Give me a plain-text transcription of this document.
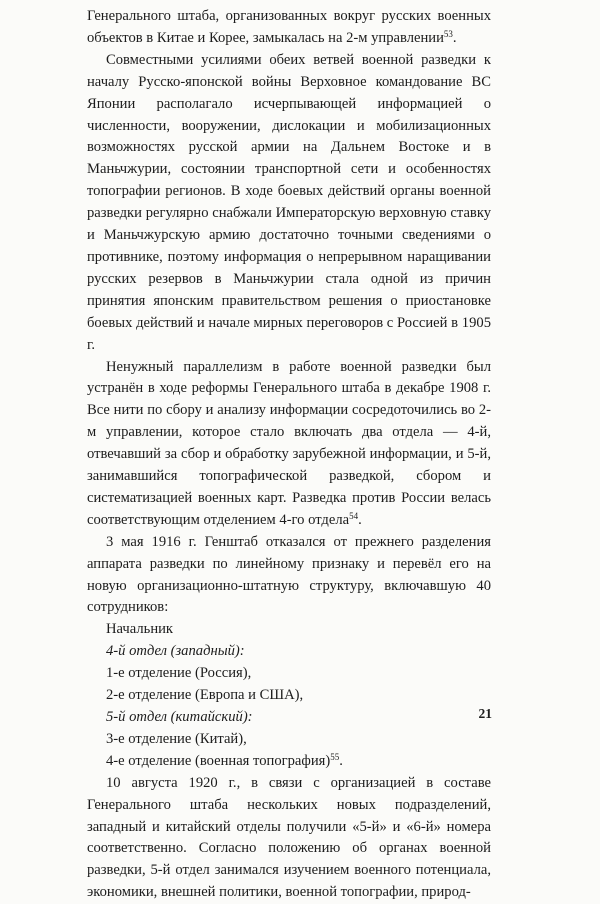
Генерального штаба, организованных вокруг русских военных объектов в Китае и Корее, замыкалась на 2-м управлении$^{53}$.

Совместными усилиями обеих ветвей военной разведки к началу Русско-японской войны Верховное командование ВС Японии располагало исчерпывающей информацией о численности, вооружении, дислокации и мобилизационных возможностях русской армии на Дальнем Востоке и в Маньчжурии, состоянии транспортной сети и особенностях топографии регионов. В ходе боевых действий органы военной разведки регулярно снабжали Императорскую верховную ставку и Маньчжурскую армию достаточно точными сведениями о противнике, поэтому информация о непрерывном наращивании русских резервов в Маньчжурии стала одной из причин принятия японским правительством решения о приостановке боевых действий и начале мирных переговоров с Россией в 1905 г.

Ненужный параллелизм в работе военной разведки был устранён в ходе реформы Генерального штаба в декабре 1908 г. Все нити по сбору и анализу информации сосредоточились во 2-м управлении, которое стало включать два отдела — 4-й, отвечавший за сбор и обработку зарубежной информации, и 5-й, занимавшийся топографической разведкой, сбором и систематизацией военных карт. Разведка против России велась соответствующим отделением 4-го отдела$^{54}$.

3 мая 1916 г. Генштаб отказался от прежнего разделения аппарата разведки по линейному признаку и перевёл его на новую организационно-штатную структуру, включавшую 40 сотрудников:

Начальник
4-й отдел (западный):
1-е отделение (Россия),
2-е отделение (Европа и США),
5-й отдел (китайский):
3-е отделение (Китай),
4-е отделение (военная топография)$^{55}$.

10 августа 1920 г., в связи с организацией в составе Генерального штаба нескольких новых подразделений, западный и китайский отделы получили «5-й» и «6-й» номера соответственно. Согласно положению об органах военной разведки, 5-й отдел занимался изучением военного потенциала, экономики, внешней политики, военной топографии, природ-

21
